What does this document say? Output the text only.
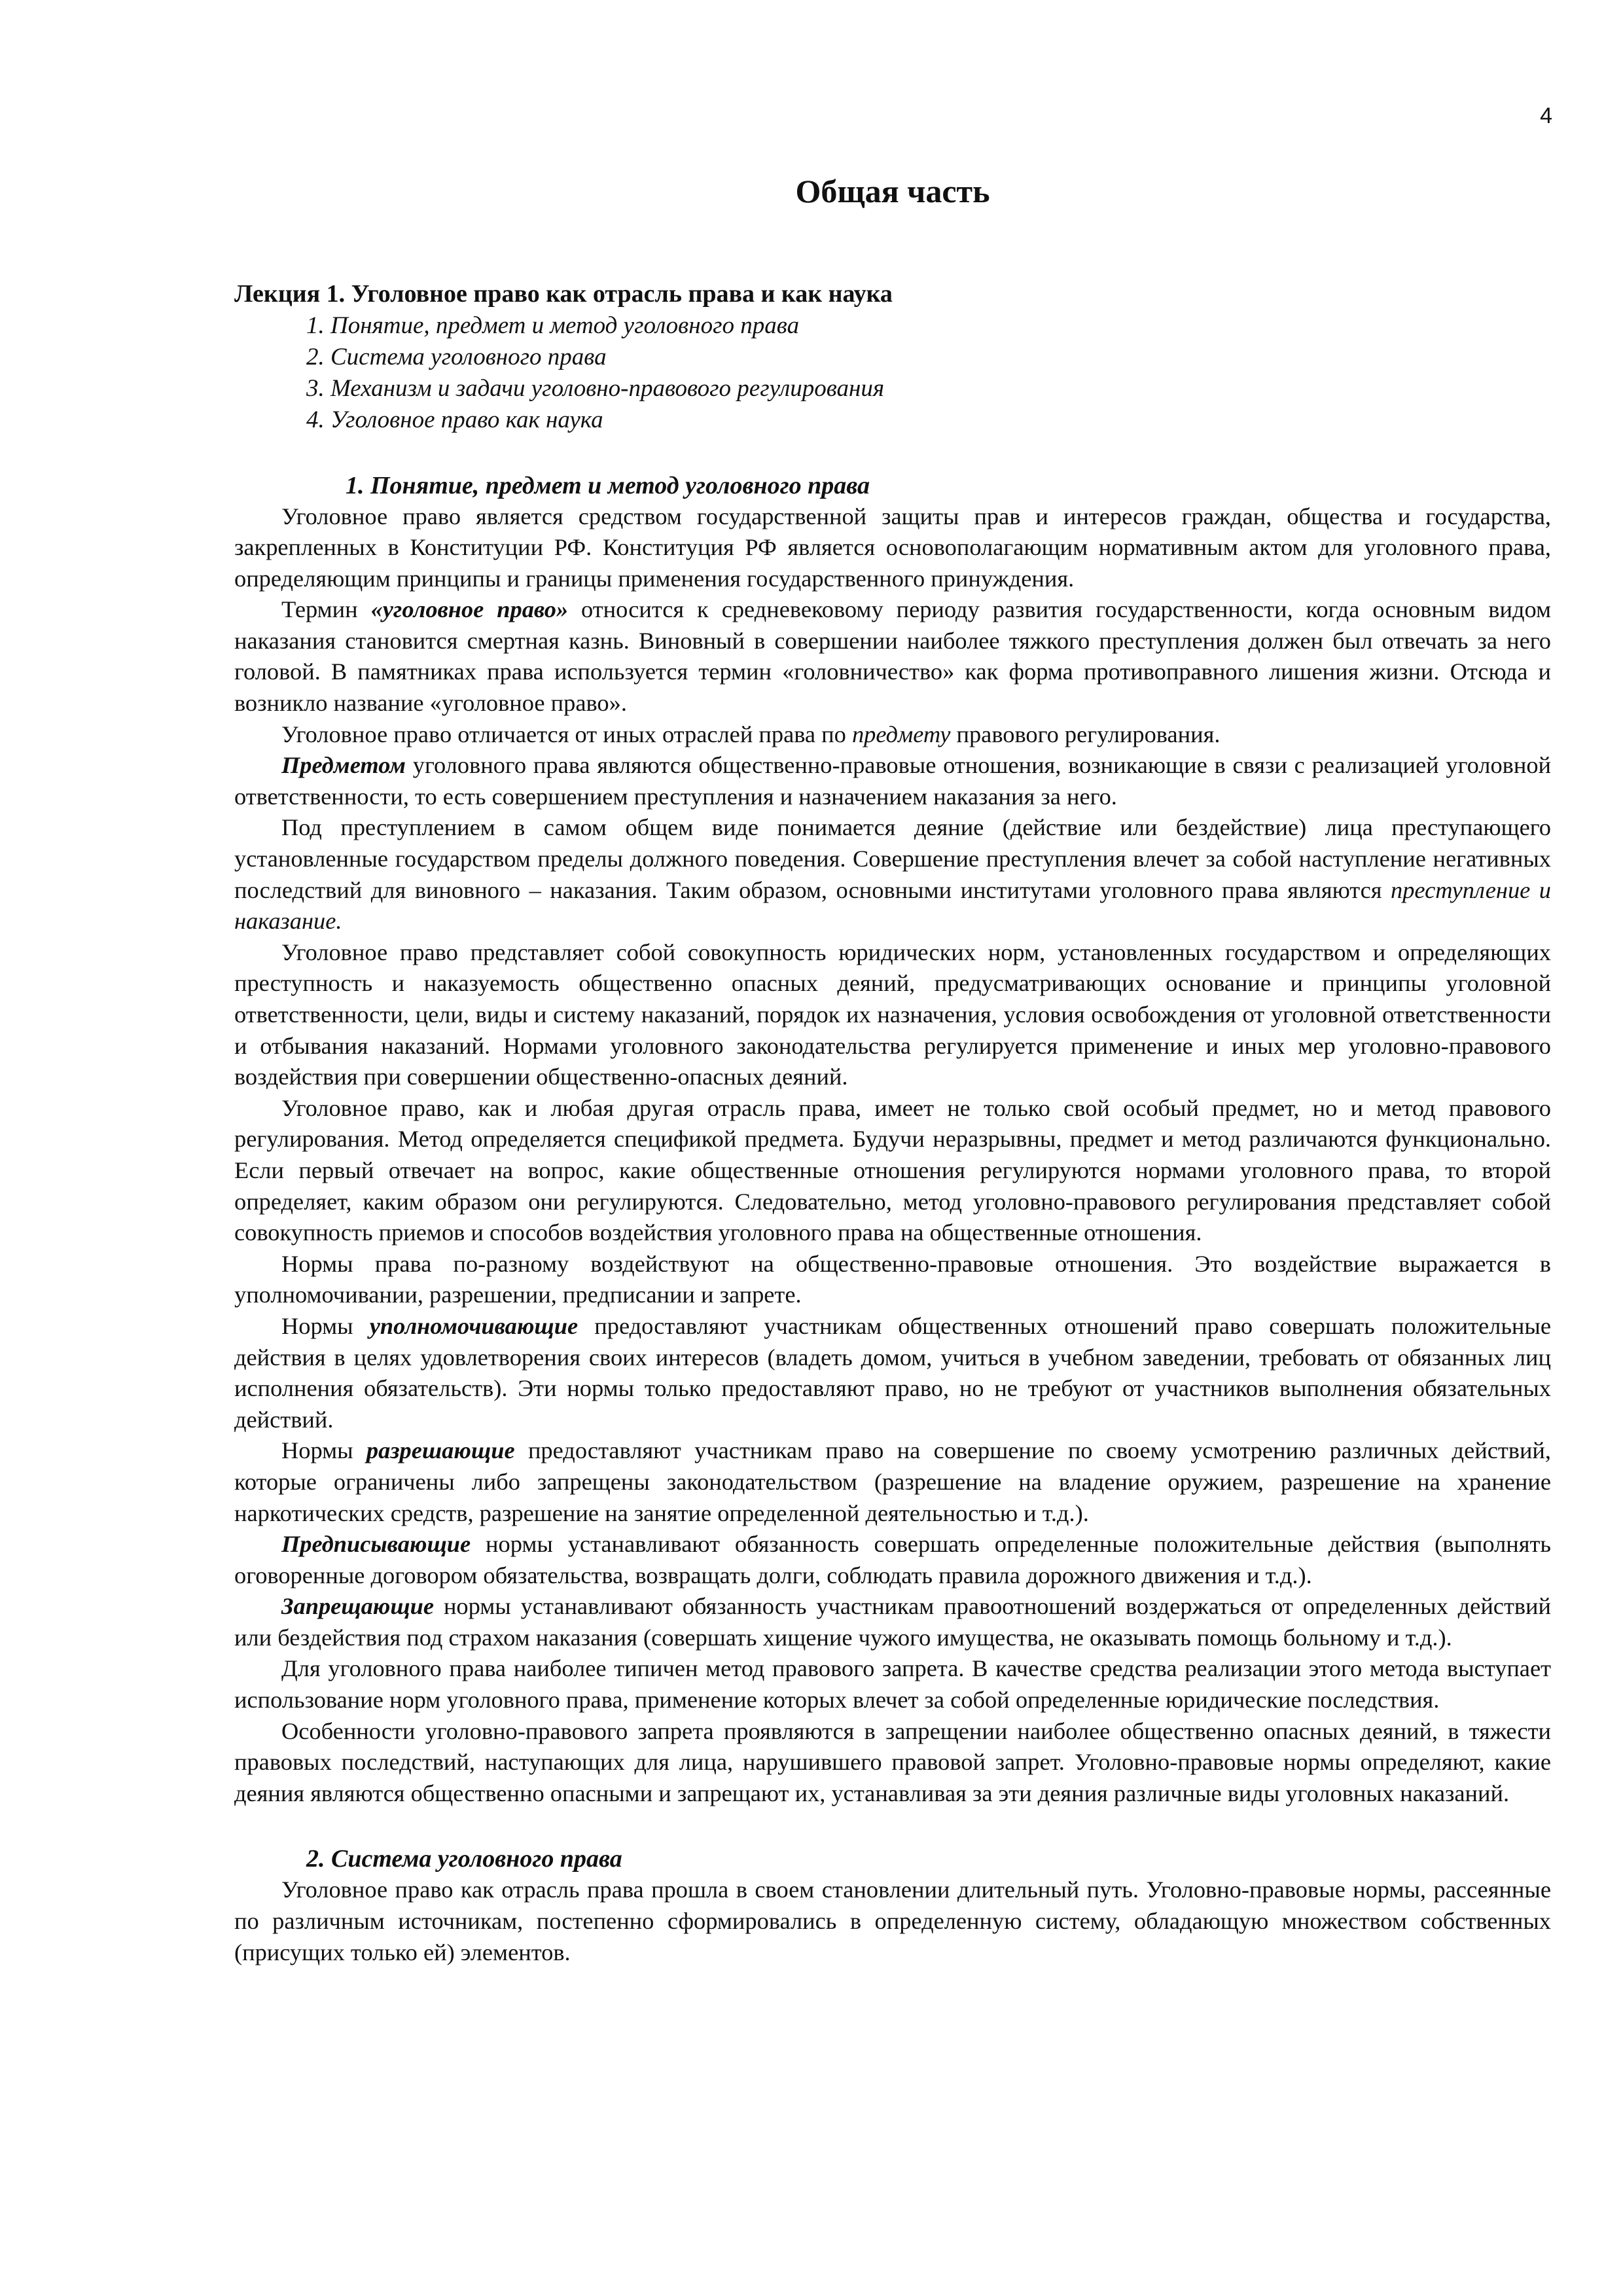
4
Общая часть
Лекция 1. Уголовное право как отрасль права и как наука
1. Понятие, предмет и метод уголовного права
2. Система уголовного права
3. Механизм и задачи уголовно-правового регулирования
4. Уголовное право как наука
1. Понятие, предмет и метод уголовного права

Уголовное право является средством государственной защиты прав и интересов граждан, общества и государства, закрепленных в Конституции РФ. Конституция РФ является основополагающим нормативным актом для уголовного права, определяющим принципы и границы применения государственного принуждения.

Термин «уголовное право» относится к средневековому периоду развития государственности, когда основным видом наказания становится смертная казнь. Виновный в совершении наиболее тяжкого преступления должен был отвечать за него головой. В памятниках права используется термин «головничество» как форма противоправного лишения жизни. Отсюда и возникло название «уголовное право».

Уголовное право отличается от иных отраслей права по предмету правового регулирования.

Предметом уголовного права являются общественно-правовые отношения, возникающие в связи с реализацией уголовной ответственности, то есть совершением преступления и назначением наказания за него.

Под преступлением в самом общем виде понимается деяние (действие или бездействие) лица преступающего установленные государством пределы должного поведения. Совершение преступления влечет за собой наступление негативных последствий для виновного – наказания. Таким образом, основными институтами уголовного права являются преступление и наказание.

Уголовное право представляет собой совокупность юридических норм, установленных государством и определяющих преступность и наказуемость общественно опасных деяний, предусматривающих основание и принципы уголовной ответственности, цели, виды и систему наказаний, порядок их назначения, условия освобождения от уголовной ответственности и отбывания наказаний. Нормами уголовного законодательства регулируется применение и иных мер уголовно-правового воздействия при совершении общественно-опасных деяний.

Уголовное право, как и любая другая отрасль права, имеет не только свой особый предмет, но и метод правового регулирования. Метод определяется спецификой предмета. Будучи неразрывны, предмет и метод различаются функционально. Если первый отвечает на вопрос, какие общественные отношения регулируются нормами уголовного права, то второй определяет, каким образом они регулируются. Следовательно, метод уголовно-правового регулирования представляет собой совокупность приемов и способов воздействия уголовного права на общественные отношения.

Нормы права по-разному воздействуют на общественно-правовые отношения. Это воздействие выражается в уполномочивании, разрешении, предписании и запрете.

Нормы уполномочивающие предоставляют участникам общественных отношений право совершать положительные действия в целях удовлетворения своих интересов (владеть домом, учиться в учебном заведении, требовать от обязанных лиц исполнения обязательств). Эти нормы только предоставляют право, но не требуют от участников выполнения обязательных действий.

Нормы разрешающие предоставляют участникам право на совершение по своему усмотрению различных действий, которые ограничены либо запрещены законодательством (разрешение на владение оружием, разрешение на хранение наркотических средств, разрешение на занятие определенной деятельностью и т.д.).

Предписывающие нормы устанавливают обязанность совершать определенные положительные действия (выполнять оговоренные договором обязательства, возвращать долги, соблюдать правила дорожного движения и т.д.).

Запрещающие нормы устанавливают обязанность участникам правоотношений воздержаться от определенных действий или бездействия под страхом наказания (совершать хищение чужого имущества, не оказывать помощь больному и т.д.).

Для уголовного права наиболее типичен метод правового запрета. В качестве средства реализации этого метода выступает использование норм уголовного права, применение которых влечет за собой определенные юридические последствия.

Особенности уголовно-правового запрета проявляются в запрещении наиболее общественно опасных деяний, в тяжести правовых последствий, наступающих для лица, нарушившего правовой запрет. Уголовно-правовые нормы определяют, какие деяния являются общественно опасными и запрещают их, устанавливая за эти деяния различные виды уголовных наказаний.

2. Система уголовного права

Уголовное право как отрасль права прошла в своем становлении длительный путь. Уголовно-правовые нормы, рассеянные по различным источникам, постепенно сформировались в определенную систему, обладающую множеством собственных (присущих только ей) элементов.
